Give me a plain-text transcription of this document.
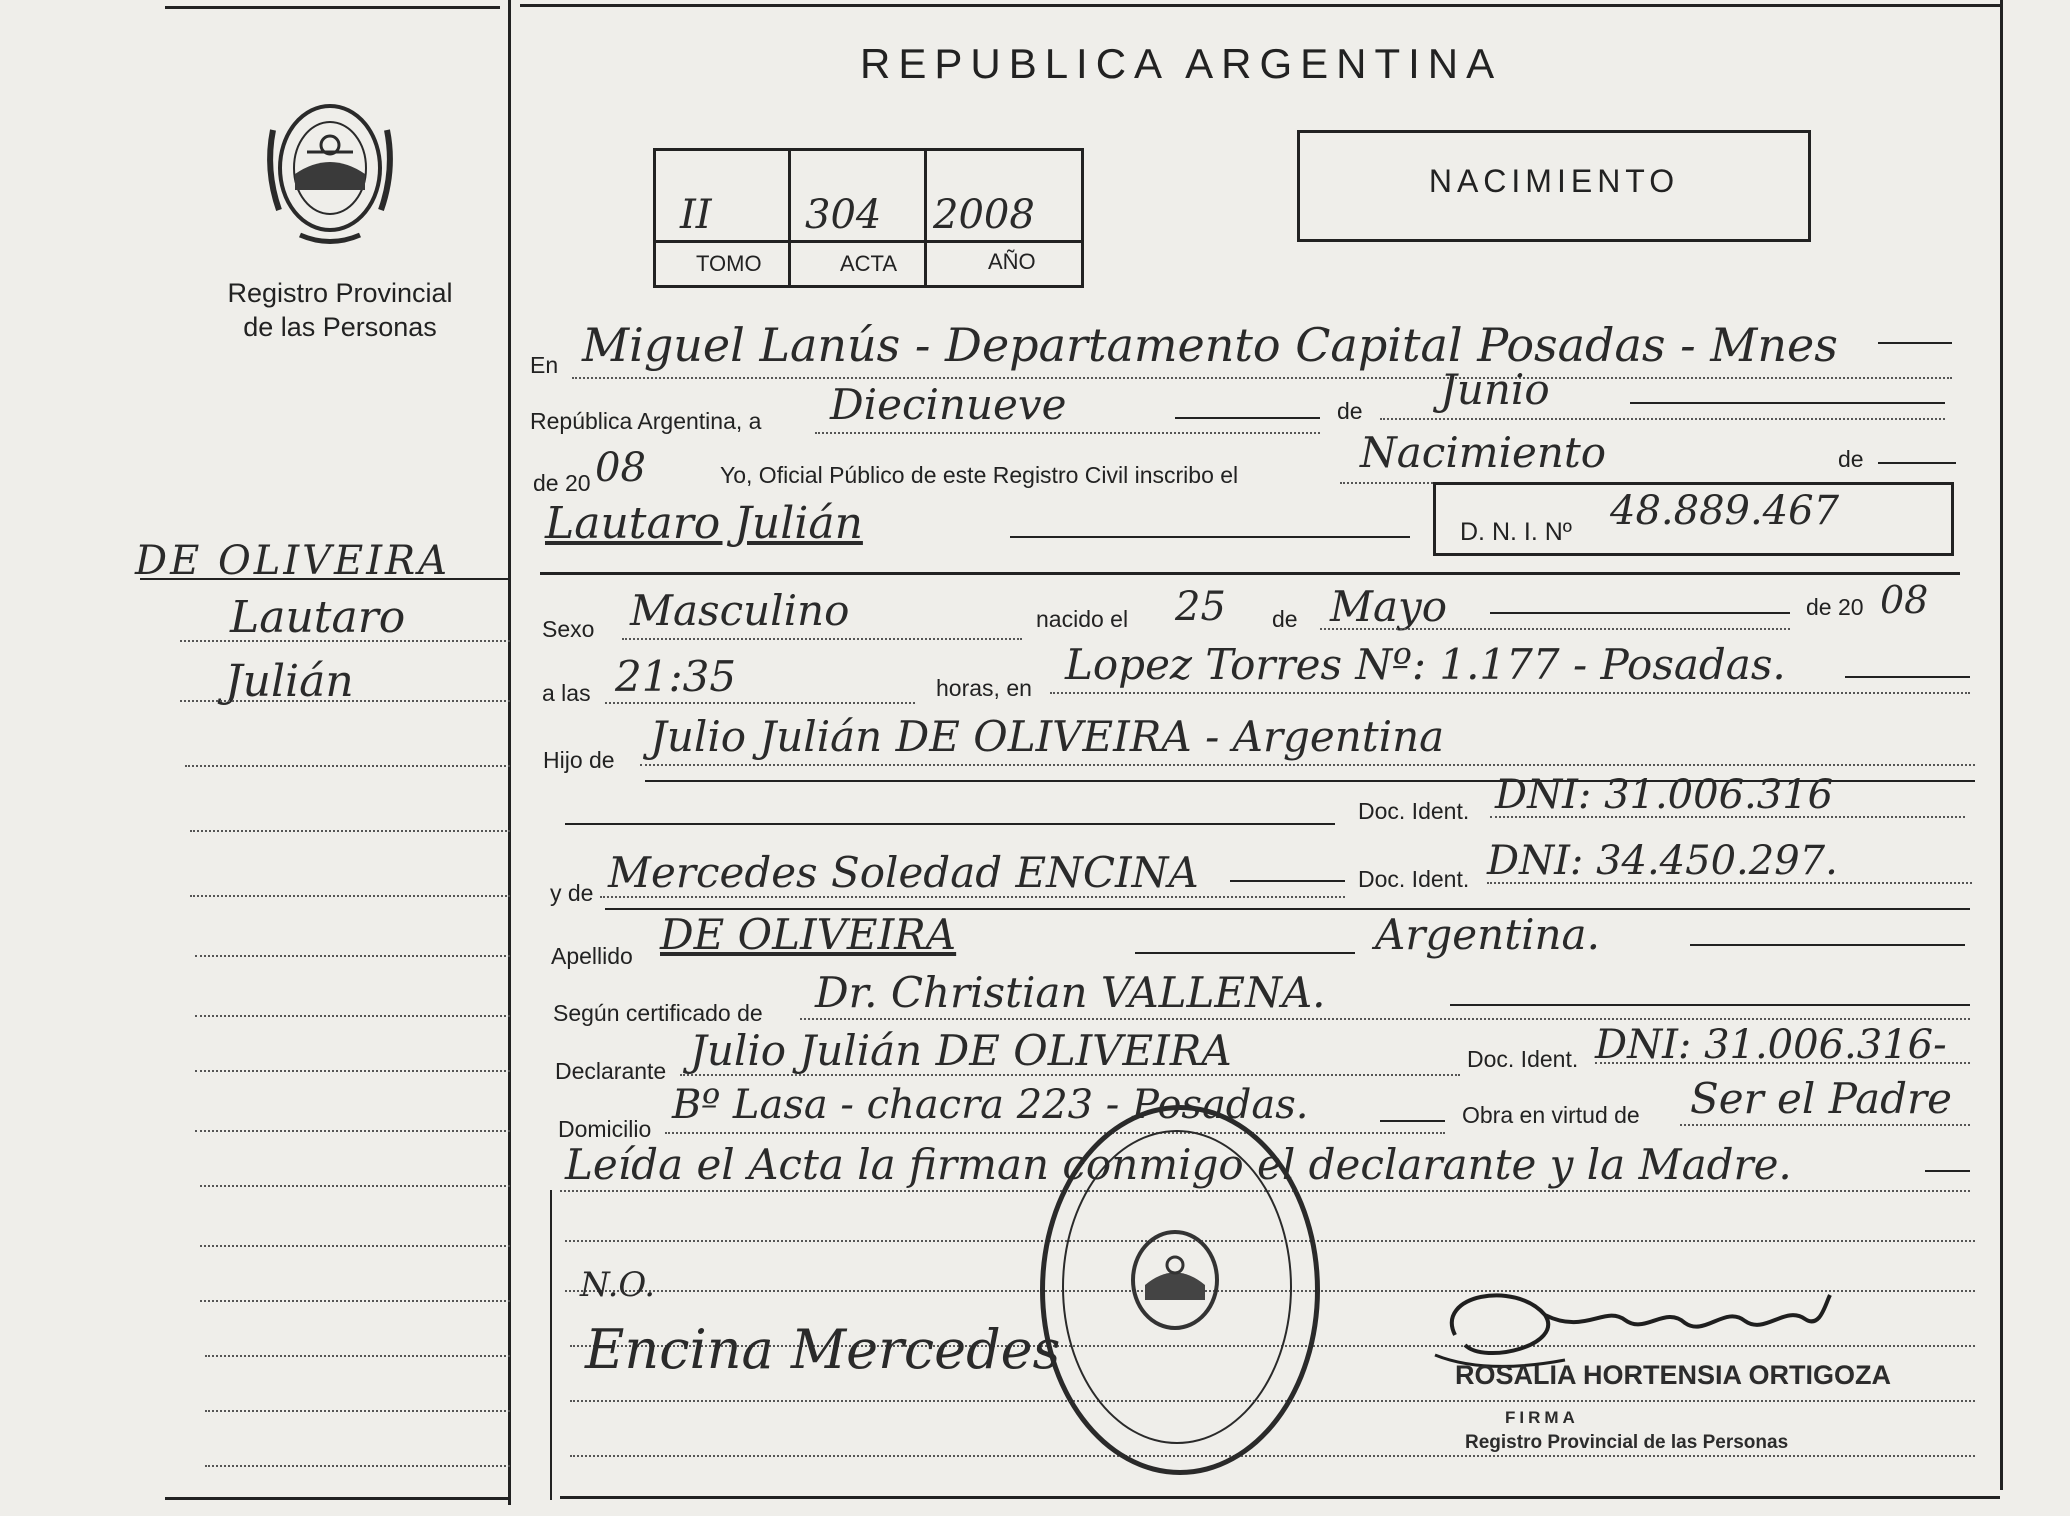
Registro Provincial
de las Personas
DE OLIVEIRA
Lautaro
Julián
REPUBLICA ARGENTINA
II 304 2008
TOMO	ACTA	AÑO
NACIMIENTO
En Miguel Lanús - Departamento Capital Posadas - Mnes
República Argentina, a Diecinueve	de Junio
de 20 08	Yo, Oficial Público de este Registro Civil inscribo el	Nacimiento	de
Lautaro Julián	D. N. I. Nº 48.889.467
Sexo Masculino	nacido el 25 de Mayo	de 20 08
a las 21:35	horas, en Lopez Torres Nº: 1.177 - Posadas.
Hijo de Julio Julián DE OLIVEIRA - Argentina
Doc. Ident. DNI: 31.006.316
y de Mercedes Soledad ENCINA	Doc. Ident. DNI: 34.450.297.
Apellido DE OLIVEIRA	Argentina.
Según certificado de Dr. Christian VALLENA.
Declarante Julio Julián DE OLIVEIRA	Doc. Ident. DNI: 31.006.316-
Domicilio
Bº Lasa - chacra 223 - Posadas.	Obra en virtud de Ser el Padre
Leída el Acta la firman conmigo el declarante y la Madre.
N.O.
Encina Mercedes	ROSALIA HORTENSIA ORTIGOZA
FIRMA
Registro Provincial de las Personas
